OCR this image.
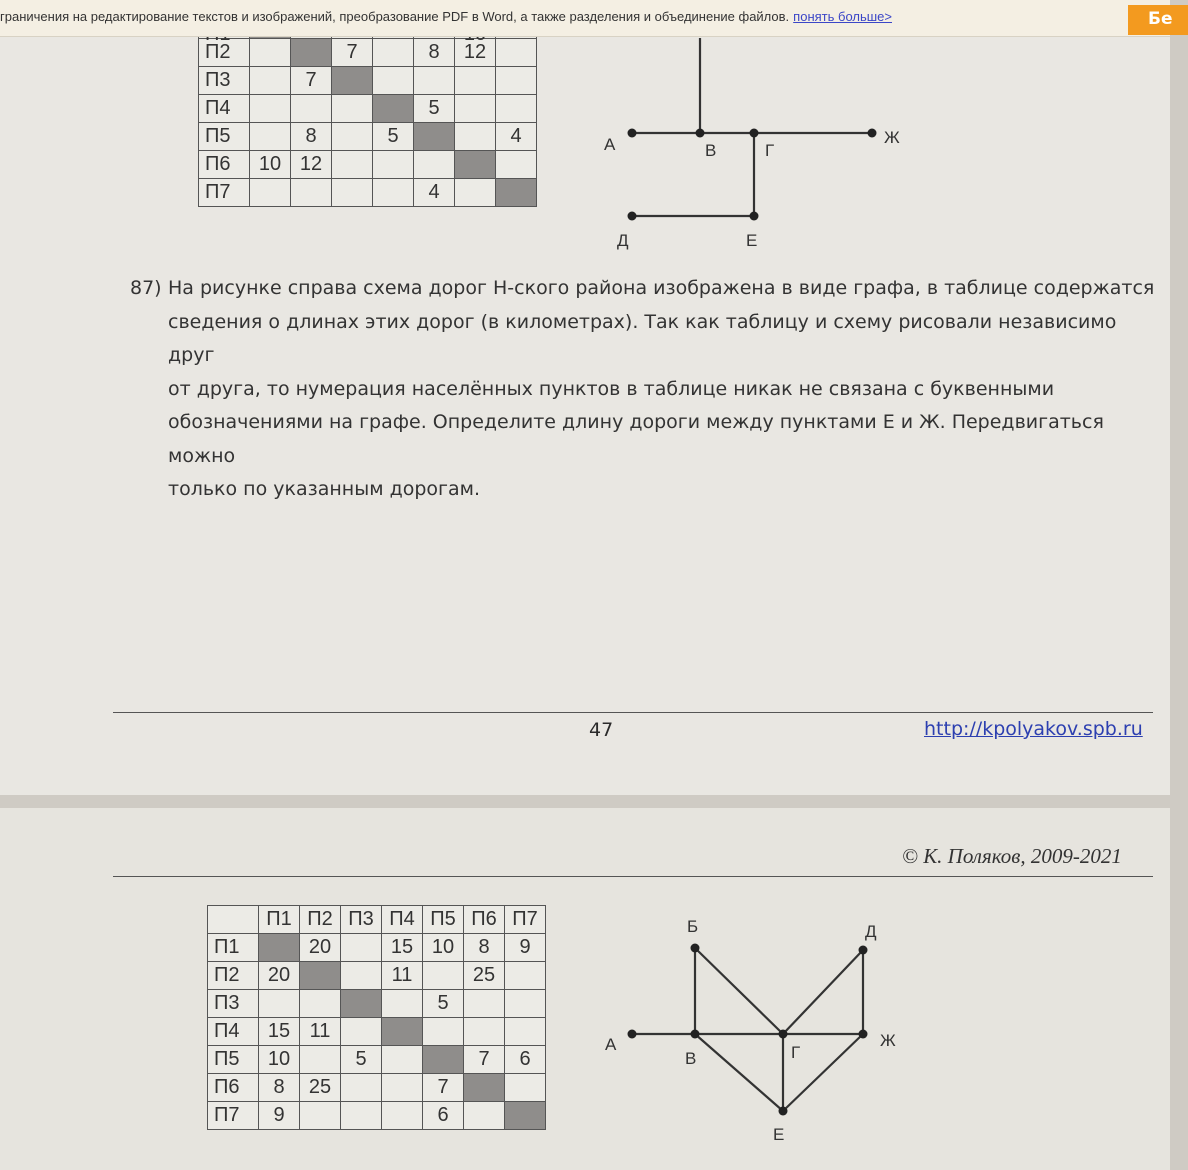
П2			7		8	12	
П3		7					
П4					5		
П5		8		5			4
П6	10	12					
П7					4		
граничения на редактирование текстов и изображений, преобразование PDF в Word, а также разделения и объединение файлов. понять больше>	Бе
А	В	Г
Ж
Д	Е
87) На рисунке справа схема дорог Н-ского района изображена в виде графа, в таблице содержатся
сведения о длинах этих дорог (в километрах). Так как таблицу и схему рисовали независимо друг
от друга, то нумерация населённых пунктов в таблице никак не связана с буквенными
обозначениями на графе. Определите длину дороги между пунктами Е и Ж. Передвигаться можно
только по указанным дорогам.
47	http://kpolyakov.spb.ru
© К. Поляков, 2009-2021
	П1	П2	П3	П4	П5	П6	П7
П1		20		15	10	8	9
П2	20			11		25	
П3					5		
П4	15	11					
П5	10		5			7	6
П6	8	25			7		
П7	9				6		
А
Б
В	Г
Д
Ж
Е
